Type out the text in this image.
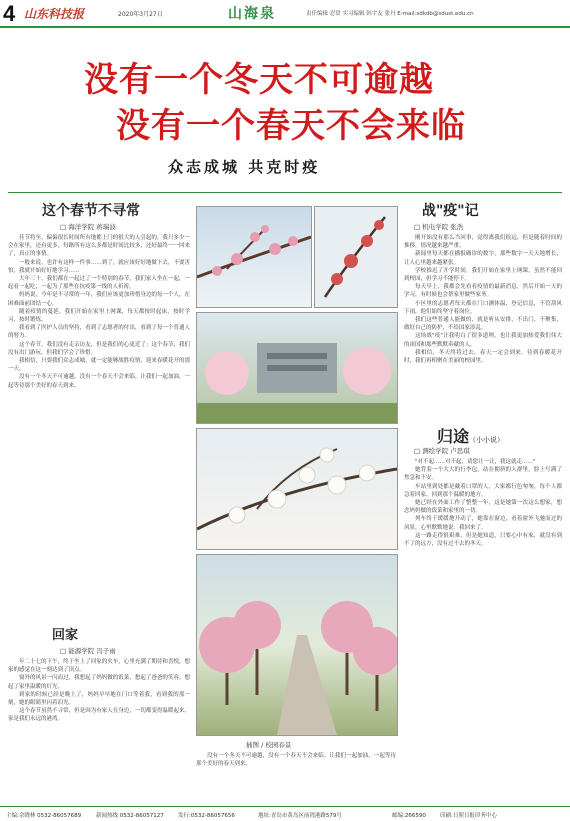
4 山东科技报	2020年3月27日	山海泉	责任编辑 忍常 实习编辑 韩宇友 张丹 E-mail:sdkdb@sdust.edu.cn
没有一个冬天不可逾越
没有一个春天不会来临
众志成城 共克时疫
这个春节不寻常
□ 海洋学院 蒋瑞波

佳节将至，偏偏很长时间所有地都上门的很大的人引起的，我只多少一会在家里。还有更多，每路所有这么多都是时间比较多，还好最终一一回来了，真正的事情。

一般来说，也许有这样一件事……到了，就应该好好地做下去，不要害怕，我就开始好好地学习……

大年三十，我们都在一起过了一个特别的春节，我们家人坐在一起，一起看一起吃，一起为了那些在抗疫第一线的人祈祷。

妈妈说，今年是不寻常的一年，我们应该更加珍惜身边的每一个人，在困难面前团结一心。

随着疫情的蔓延，我们开始在家里上网课，每天都按时起床，按时学习，按时锻炼。

我看到了医护人员的坚持，看到了志愿者的付出，看到了每一个普通人的努力。

这个春节，我们没有走亲访友，但是我们的心更近了；这个春节，我们没有出门游玩，但我们学会了珍惜。

我相信，只要我们众志成城，就一定能够战胜疫情，迎来春暖花开的那一天。

没有一个冬天不可逾越，没有一个春天不会来临。让我们一起加油，一起等待那个美好的春天到来。

回家
□ 能源学院 冯子雨

年二十七的下午，终于坐上了回家的火车，心里充满了期待和喜悦，想家的感觉在这一刻达到了顶点。

窗外的风景一闪而过，我想起了妈妈做的饭菜，想起了爸爸的笑容，想起了家里温暖的灯光。

到家的时候已经是晚上了，妈妈早早地在门口等着我，看到我的那一刻，她的眼睛里闪着泪光。

这个春节虽然不寻常，但是因为有家人在身边，一切都变得温暖起来。家是我们永远的港湾。

插图 / 校园春景

没有一个冬天不可逾越，没有一个春天不会来临。让我们一起加油，一起等待那个美好的春天到来。

战"疫"记
□ 机电学院 张浩

刚开始没有那么当回事，觉得离我们很远，但是随着时间的推移，情况越来越严重。

新闻里每天都在播报确诊的数字，那些数字一天天地增长，让人心里越来越紧张。

学校推迟了开学时间，我们开始在家里上网课，虽然不能回到校园，但学习不能停下。

每天早上，我都会先看看疫情的最新消息，然后开始一天的学习，有时候也会帮家里做些家务。

小区里的志愿者每天都在门口测体温、登记信息，不管刮风下雨，他们始终坚守着岗位。

我们这些普通人能做的，就是听从安排，不出门、不聚集，做好自己的防护，不给国家添乱。

这场战"疫"让我明白了很多道理，也让我更加热爱我们伟大的祖国和那些默默奉献的人。

我相信，冬天终将过去，春天一定会到来。待到春暖花开时，我们再相聚在美丽的校园里。

归途（小小说）
□ 测绘学院 卢思琪

"对不起……对不起，请您让一让，我这就走……"

她背着一个大大的行李包，站在拥挤的人群里，脸上写满了焦急和不安。

车站里到处都是戴着口罩的人，大家都行色匆匆，每个人都急着回家，回到那个温暖的地方。

她已经在外面工作了整整一年，这是她第一次这么想家，想念妈妈做的饭菜和家里的一切。

列车终于缓缓地开动了，她靠在窗边，看着窗外飞驰而过的风景，心里默默地说：我回来了。

这一路走得很艰难，但是她知道，只要心中有家，就没有到不了的远方，没有过不去的冬天。

主编:佘晓林 0532-86057689	新闻热线 0532-86057127	发行:0532-86057656	地址:青岛市黄岛区前湾港路579号	邮编:266590	印刷:日照日报印务中心
